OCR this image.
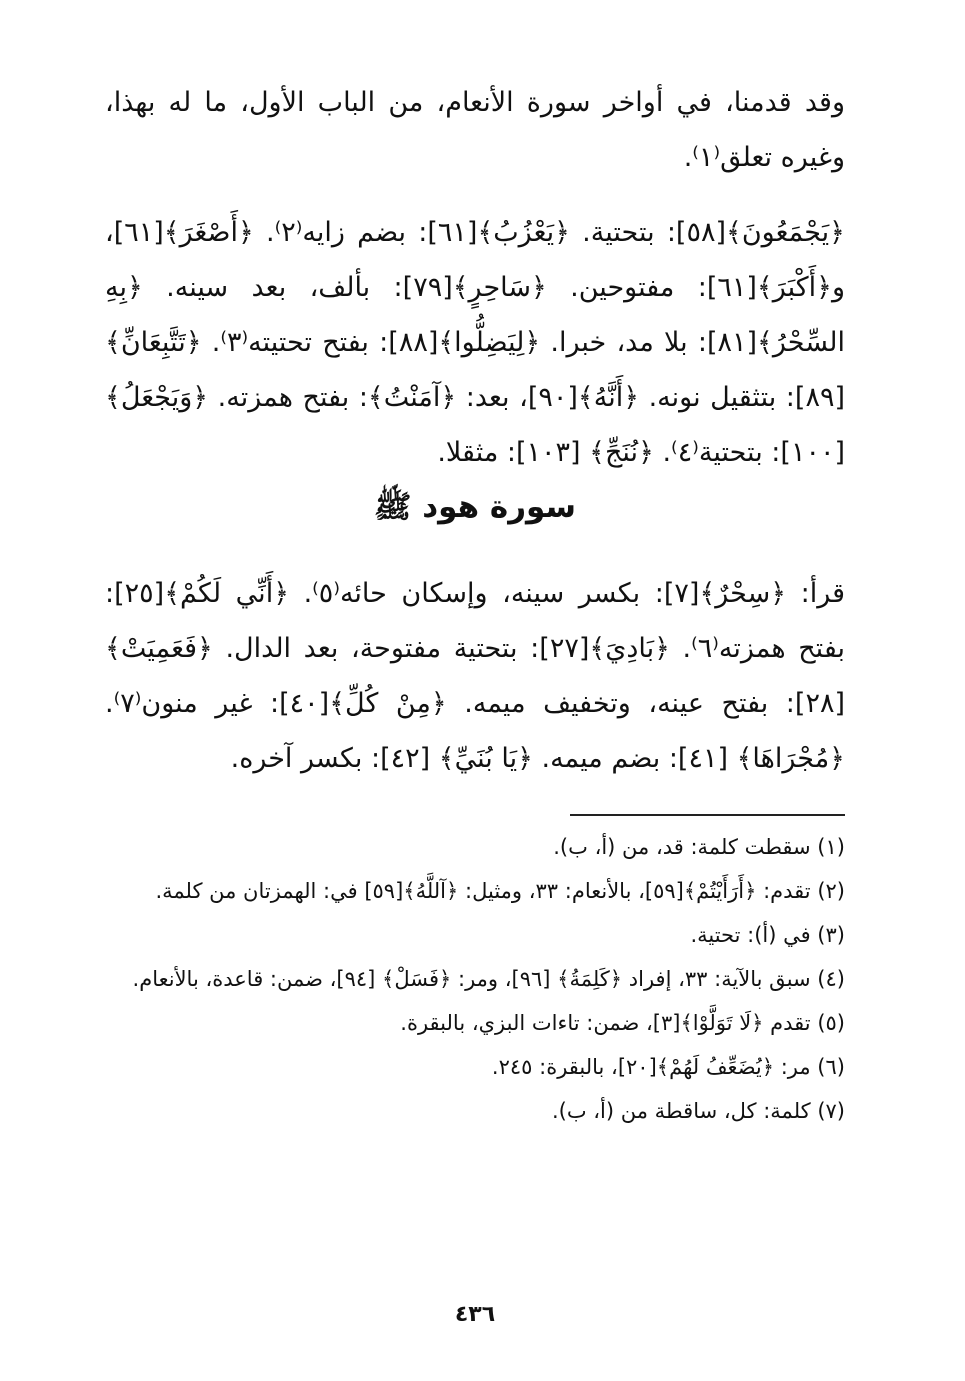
وقد قدمنا، في أواخر سورة الأنعام، من الباب الأول، ما له بهذا، وغيره تعلق⁽١⁾.

﴿يَجْمَعُونَ﴾[٥٨]: بتحتية. ﴿يَعْزُبُ﴾[٦١]: بضم زايه⁽٢⁾. ﴿أَصْغَرَ﴾[٦١]، و﴿أَكْبَرَ﴾[٦١]: مفتوحين. ﴿سَاحِرٍ﴾[٧٩]: بألف، بعد سينه. ﴿بِهِ السِّحْرُ﴾[٨١]: بلا مد، خبرا. ﴿لِيَضِلُّوا﴾[٨٨]: بفتح تحتيته⁽٣⁾. ﴿تَتَّبِعَانِّ﴾[٨٩]: بتثقيل نونه. ﴿أَنَّهُ﴾[٩٠]، بعد: ﴿آمَنْتُ﴾: بفتح همزته. ﴿وَيَجْعَلُ﴾ [١٠٠]: بتحتية⁽٤⁾. ﴿نُنَجِّ﴾ [١٠٣]: مثقلا.

سورة هود ﷺ

قرأ: ﴿سِحْرٌ﴾[٧]: بكسر سينه، وإسكان حائه⁽٥⁾. ﴿أَنِّي لَكُمْ﴾[٢٥]: بفتح همزته⁽٦⁾. ﴿بَادِيَ﴾[٢٧]: بتحتية مفتوحة، بعد الدال. ﴿فَعَمِيَتْ﴾[٢٨]: بفتح عينه، وتخفيف ميمه. ﴿مِنْ كُلِّ﴾[٤٠]: غير منون⁽٧⁾. ﴿مُجْرَاهَا﴾ [٤١]: بضم ميمه. ﴿يَا بُنَيِّ﴾ [٤٢]: بكسر آخره.

(١) سقطت كلمة: قد، من (أ، ب).
(٢) تقدم: ﴿أَرَأَيْتُمْ﴾[٥٩]، بالأنعام: ٣٣، ومثيل: ﴿آللَّهُ﴾[٥٩] في: الهمزتان من كلمة.
(٣) في (أ): تحتية.
(٤) سبق بالآية: ٣٣، إفراد ﴿كَلِمَةُ﴾ [٩٦]، ومر: ﴿فَسَلْ﴾ [٩٤]، ضمن: قاعدة، بالأنعام.
(٥) تقدم ﴿لَا تَوَلَّوْا﴾[٣]، ضمن: تاءات البزي، بالبقرة.
(٦) مر: ﴿يُضَعِّفُ لَهُمْ﴾[٢٠]، بالبقرة: ٢٤٥.
(٧) كلمة: كل، ساقطة من (أ، ب).
٤٣٦
